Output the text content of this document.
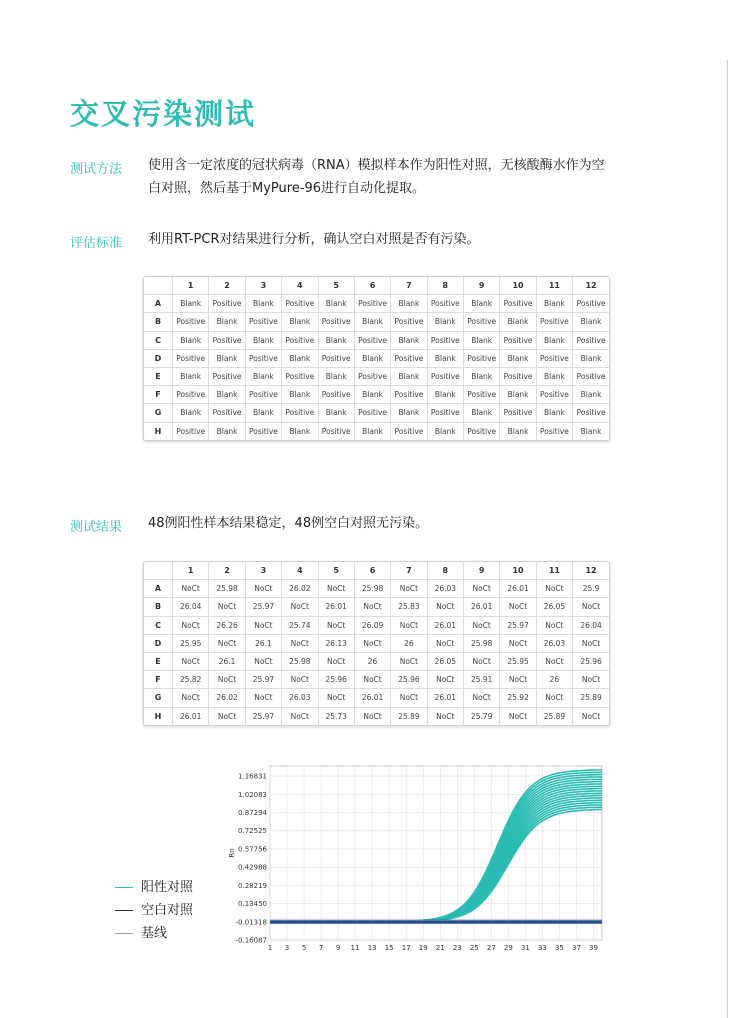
交叉污染测试
测试方法 使用含一定浓度的冠状病毒（RNA）模拟样本作为阳性对照，无核酸酶水作为空
白对照，然后基于MyPure-96进行自动化提取。
评估标准 利用RT-PCR对结果进行分析，确认空白对照是否有污染。
	1	2	3	4	5	6	7	8	9	10	11	12
A	Blank	Positive	Blank	Positive	Blank	Positive	Blank	Positive	Blank	Positive	Blank	Positive
B	Positive	Blank	Positive	Blank	Positive	Blank	Positive	Blank	Positive	Blank	Positive	Blank
C	Blank	Positive	Blank	Positive	Blank	Positive	Blank	Positive	Blank	Positive	Blank	Positive
D	Positive	Blank	Positive	Blank	Positive	Blank	Positive	Blank	Positive	Blank	Positive	Blank
E	Blank	Positive	Blank	Positive	Blank	Positive	Blank	Positive	Blank	Positive	Blank	Positive
F	Positive	Blank	Positive	Blank	Positive	Blank	Positive	Blank	Positive	Blank	Positive	Blank
G	Blank	Positive	Blank	Positive	Blank	Positive	Blank	Positive	Blank	Positive	Blank	Positive
H	Positive	Blank	Positive	Blank	Positive	Blank	Positive	Blank	Positive	Blank	Positive	Blank
测试结果 48例阳性样本结果稳定，48例空白对照无污染。
	1	2	3	4	5	6	7	8	9	10	11	12
A	NoCt	25.98	NoCt	26.02	NoCt	25.98	NoCt	26.03	NoCt	26.01	NoCt	25.9
B	26.04	NoCt	25.97	NoCt	26.01	NoCt	25.83	NoCt	26.01	NoCt	26.05	NoCt
C	NoCt	26.26	NoCt	25.74	NoCt	26.09	NoCt	26.01	NoCt	25.97	NoCt	26.04
D	25.95	NoCt	26.1	NoCt	26.13	NoCt	26	NoCt	25.98	NoCt	26.03	NoCt
E	NoCt	26.1	NoCt	25.98	NoCt	26	NoCt	26.05	NoCt	25.95	NoCt	25.96
F	25.82	NoCt	25.97	NoCt	25.96	NoCt	25.96	NoCt	25.91	NoCt	26	NoCt
G	NoCt	26.02	NoCt	26.03	NoCt	26.01	NoCt	26.01	NoCt	25.92	NoCt	25.89
H	26.01	NoCt	25.97	NoCt	25.73	NoCt	25.89	NoCt	25.79	NoCt	25.89	NoCt
阳性对照
空白对照
基线
1.16831
1.02083
0.87294
0.72525
0.57756
0.42988
0.28219
0.13450
-0.01318
-0.16087
1 3 5 7 9 11 13 15 17 19 21 23 25 27 29 31 33 35 37 39
Rn
